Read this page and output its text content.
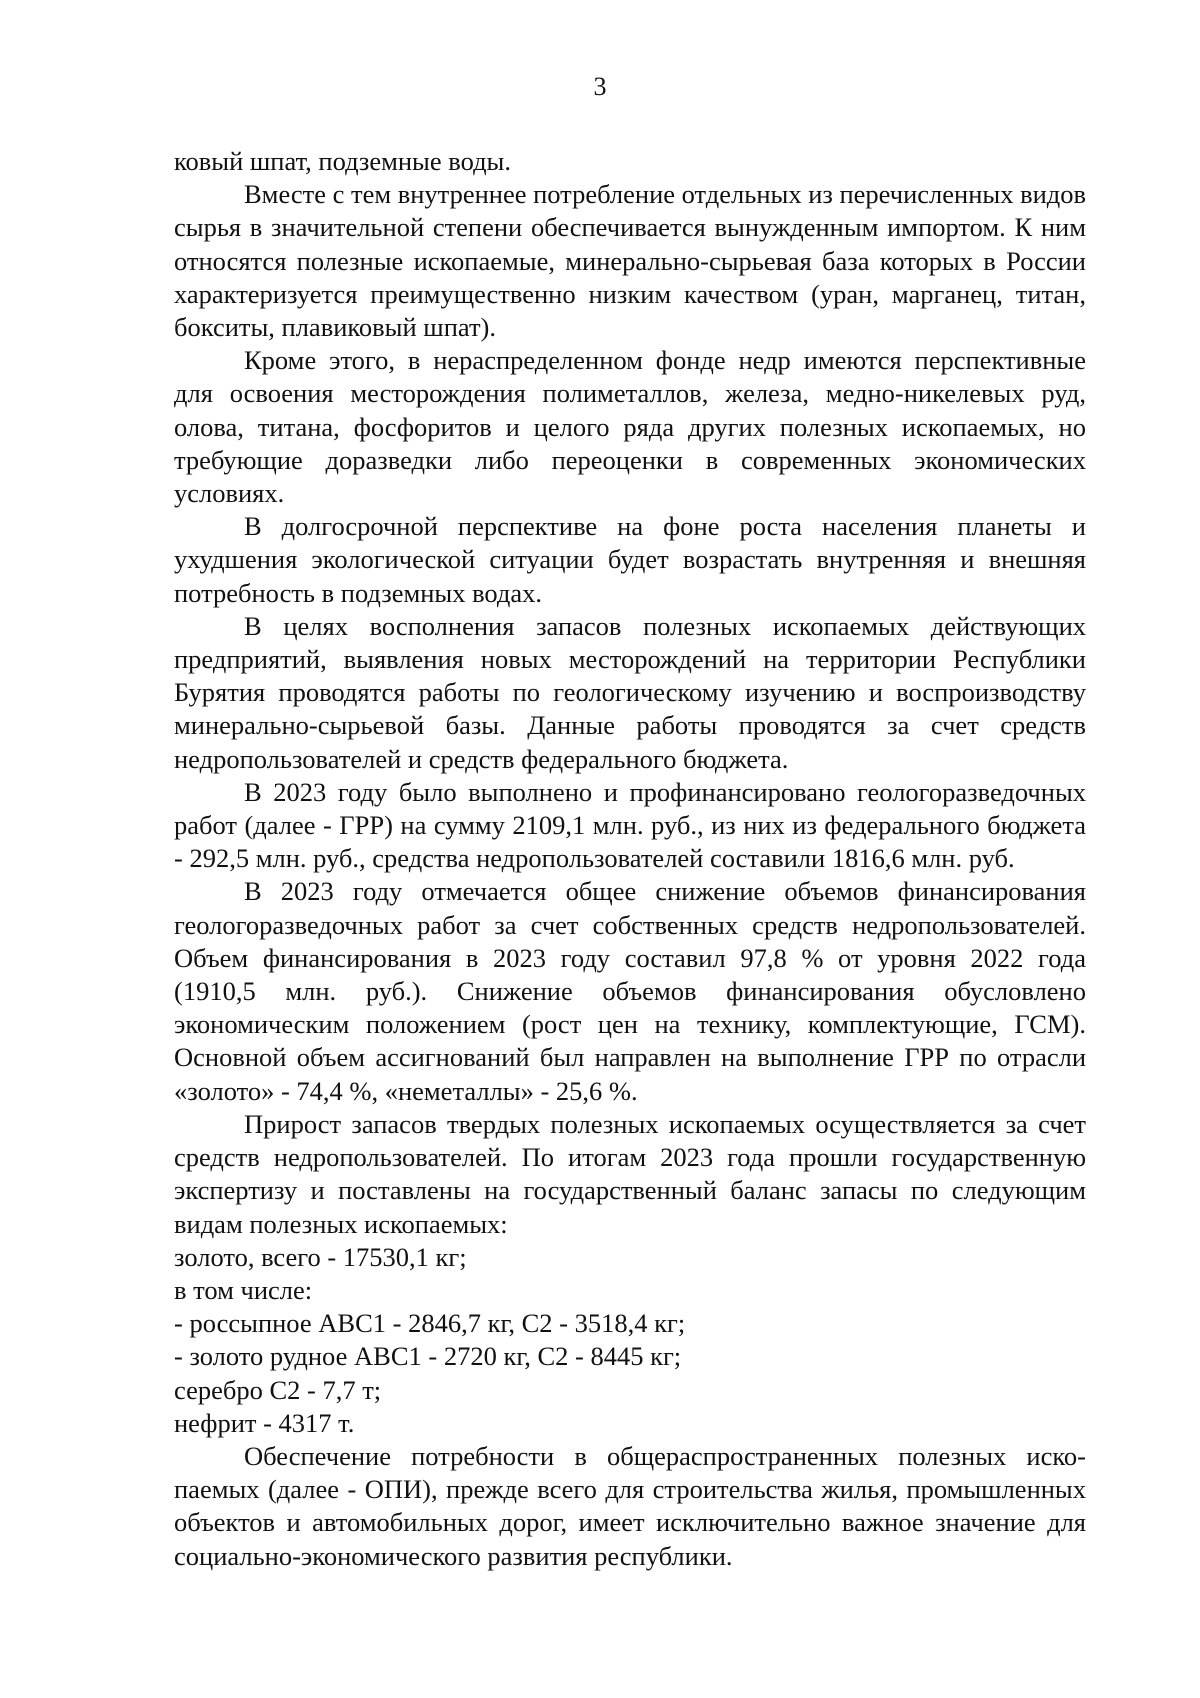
3

ковый шпат, подземные воды.

Вместе с тем внутреннее потребление отдельных из перечисленных видов сырья в значительной степени обеспечивается вынужденным импортом. К ним относятся полезные ископаемые, минерально-сырьевая база которых в России характеризуется преимущественно низким качеством (уран, марганец, титан, бокситы, плавиковый шпат).

Кроме этого, в нераспределенном фонде недр имеются перспективные для освоения месторождения полиметаллов, железа, медно-никелевых руд, олова, титана, фосфоритов и целого ряда других полезных ископаемых, но требующие доразведки либо переоценки в современных экономических условиях.

В долгосрочной перспективе на фоне роста населения планеты и ухудшения экологической ситуации будет возрастать внутренняя и внешняя потребность в подземных водах.

В целях восполнения запасов полезных ископаемых действующих предприятий, выявления новых месторождений на территории Республики Бурятия проводятся работы по геологическому изучению и воспроизводству минерально-сырьевой базы. Данные работы проводятся за счет средств недропользователей и средств федерального бюджета.

В 2023 году было выполнено и профинансировано геологоразведочных работ (далее - ГРР) на сумму 2109,1 млн. руб., из них из федерального бюджета - 292,5 млн. руб., средства недропользователей составили 1816,6 млн. руб.

В 2023 году отмечается общее снижение объемов финансирования геологоразведочных работ за счет собственных средств недропользователей. Объем финансирования в 2023 году составил 97,8 % от уровня 2022 года (1910,5 млн. руб.). Снижение объемов финансирования обусловлено экономическим положением (рост цен на технику, комплектующие, ГСМ). Основной объем ассигнований был направлен на выполнение ГРР по отрасли «золото» - 74,4 %, «неметаллы» - 25,6 %.

Прирост запасов твердых полезных ископаемых осуществляется за счет средств недропользователей. По итогам 2023 года прошли государственную экспертизу и поставлены на государственный баланс запасы по следующим видам полезных ископаемых:

золото, всего - 17530,1 кг;

в том числе:

- россыпное ABC1 - 2846,7 кг, С2 - 3518,4 кг;

- золото рудное ABC1 - 2720 кг, С2 - 8445 кг;

серебро С2 - 7,7 т;

нефрит - 4317 т.

Обеспечение потребности в общераспространенных полезных ископаемых (далее - ОПИ), прежде всего для строительства жилья, промышленных объектов и автомобильных дорог, имеет исключительно важное значение для социально-экономического развития республики.
